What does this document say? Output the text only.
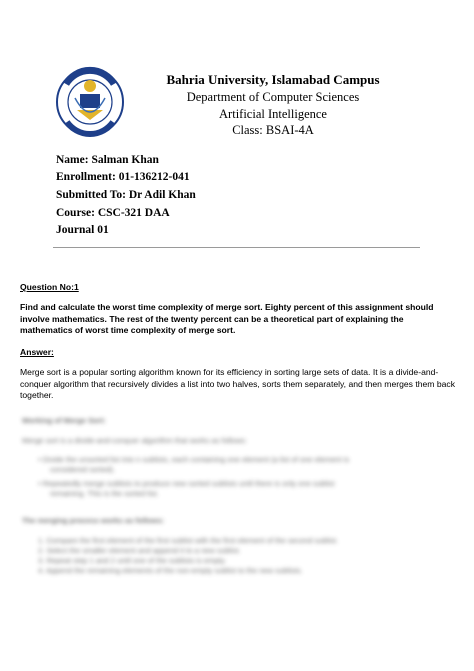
Bahria University, Islamabad Campus
Department of Computer Sciences
Artificial Intelligence
Class: BSAI-4A
Name: Salman Khan
Enrollment: 01-136212-041
Submitted To: Dr Adil Khan
Course: CSC-321 DAA
Journal 01
Question No:1
Find and calculate the worst time complexity of merge sort. Eighty percent of this assignment should involve mathematics. The rest of the twenty percent can be a theoretical part of explaining the mathematics of worst time complexity of merge sort.
Answer:
Merge sort is a popular sorting algorithm known for its efficiency in sorting large sets of data. It is a divide-and-conquer algorithm that recursively divides a list into two halves, sorts them separately, and then merges them back together.
Working of Merge Sort:
Merge sort is a divide-and-conquer algorithm that works as follows:
• Divide the unsorted list into n sublists, each containing one element (a list of one element is
considered sorted).
• Repeatedly merge sublists to produce new sorted sublists until there is only one sublist
remaining. This is the sorted list.
The merging process works as follows:
1. Compare the first element of the first sublist with the first element of the second sublist.
2. Select the smaller element and append it to a new sublist.
3. Repeat step 1 and 2 until one of the sublists is empty.
4. Append the remaining elements of the non-empty sublist to the new sublists.
